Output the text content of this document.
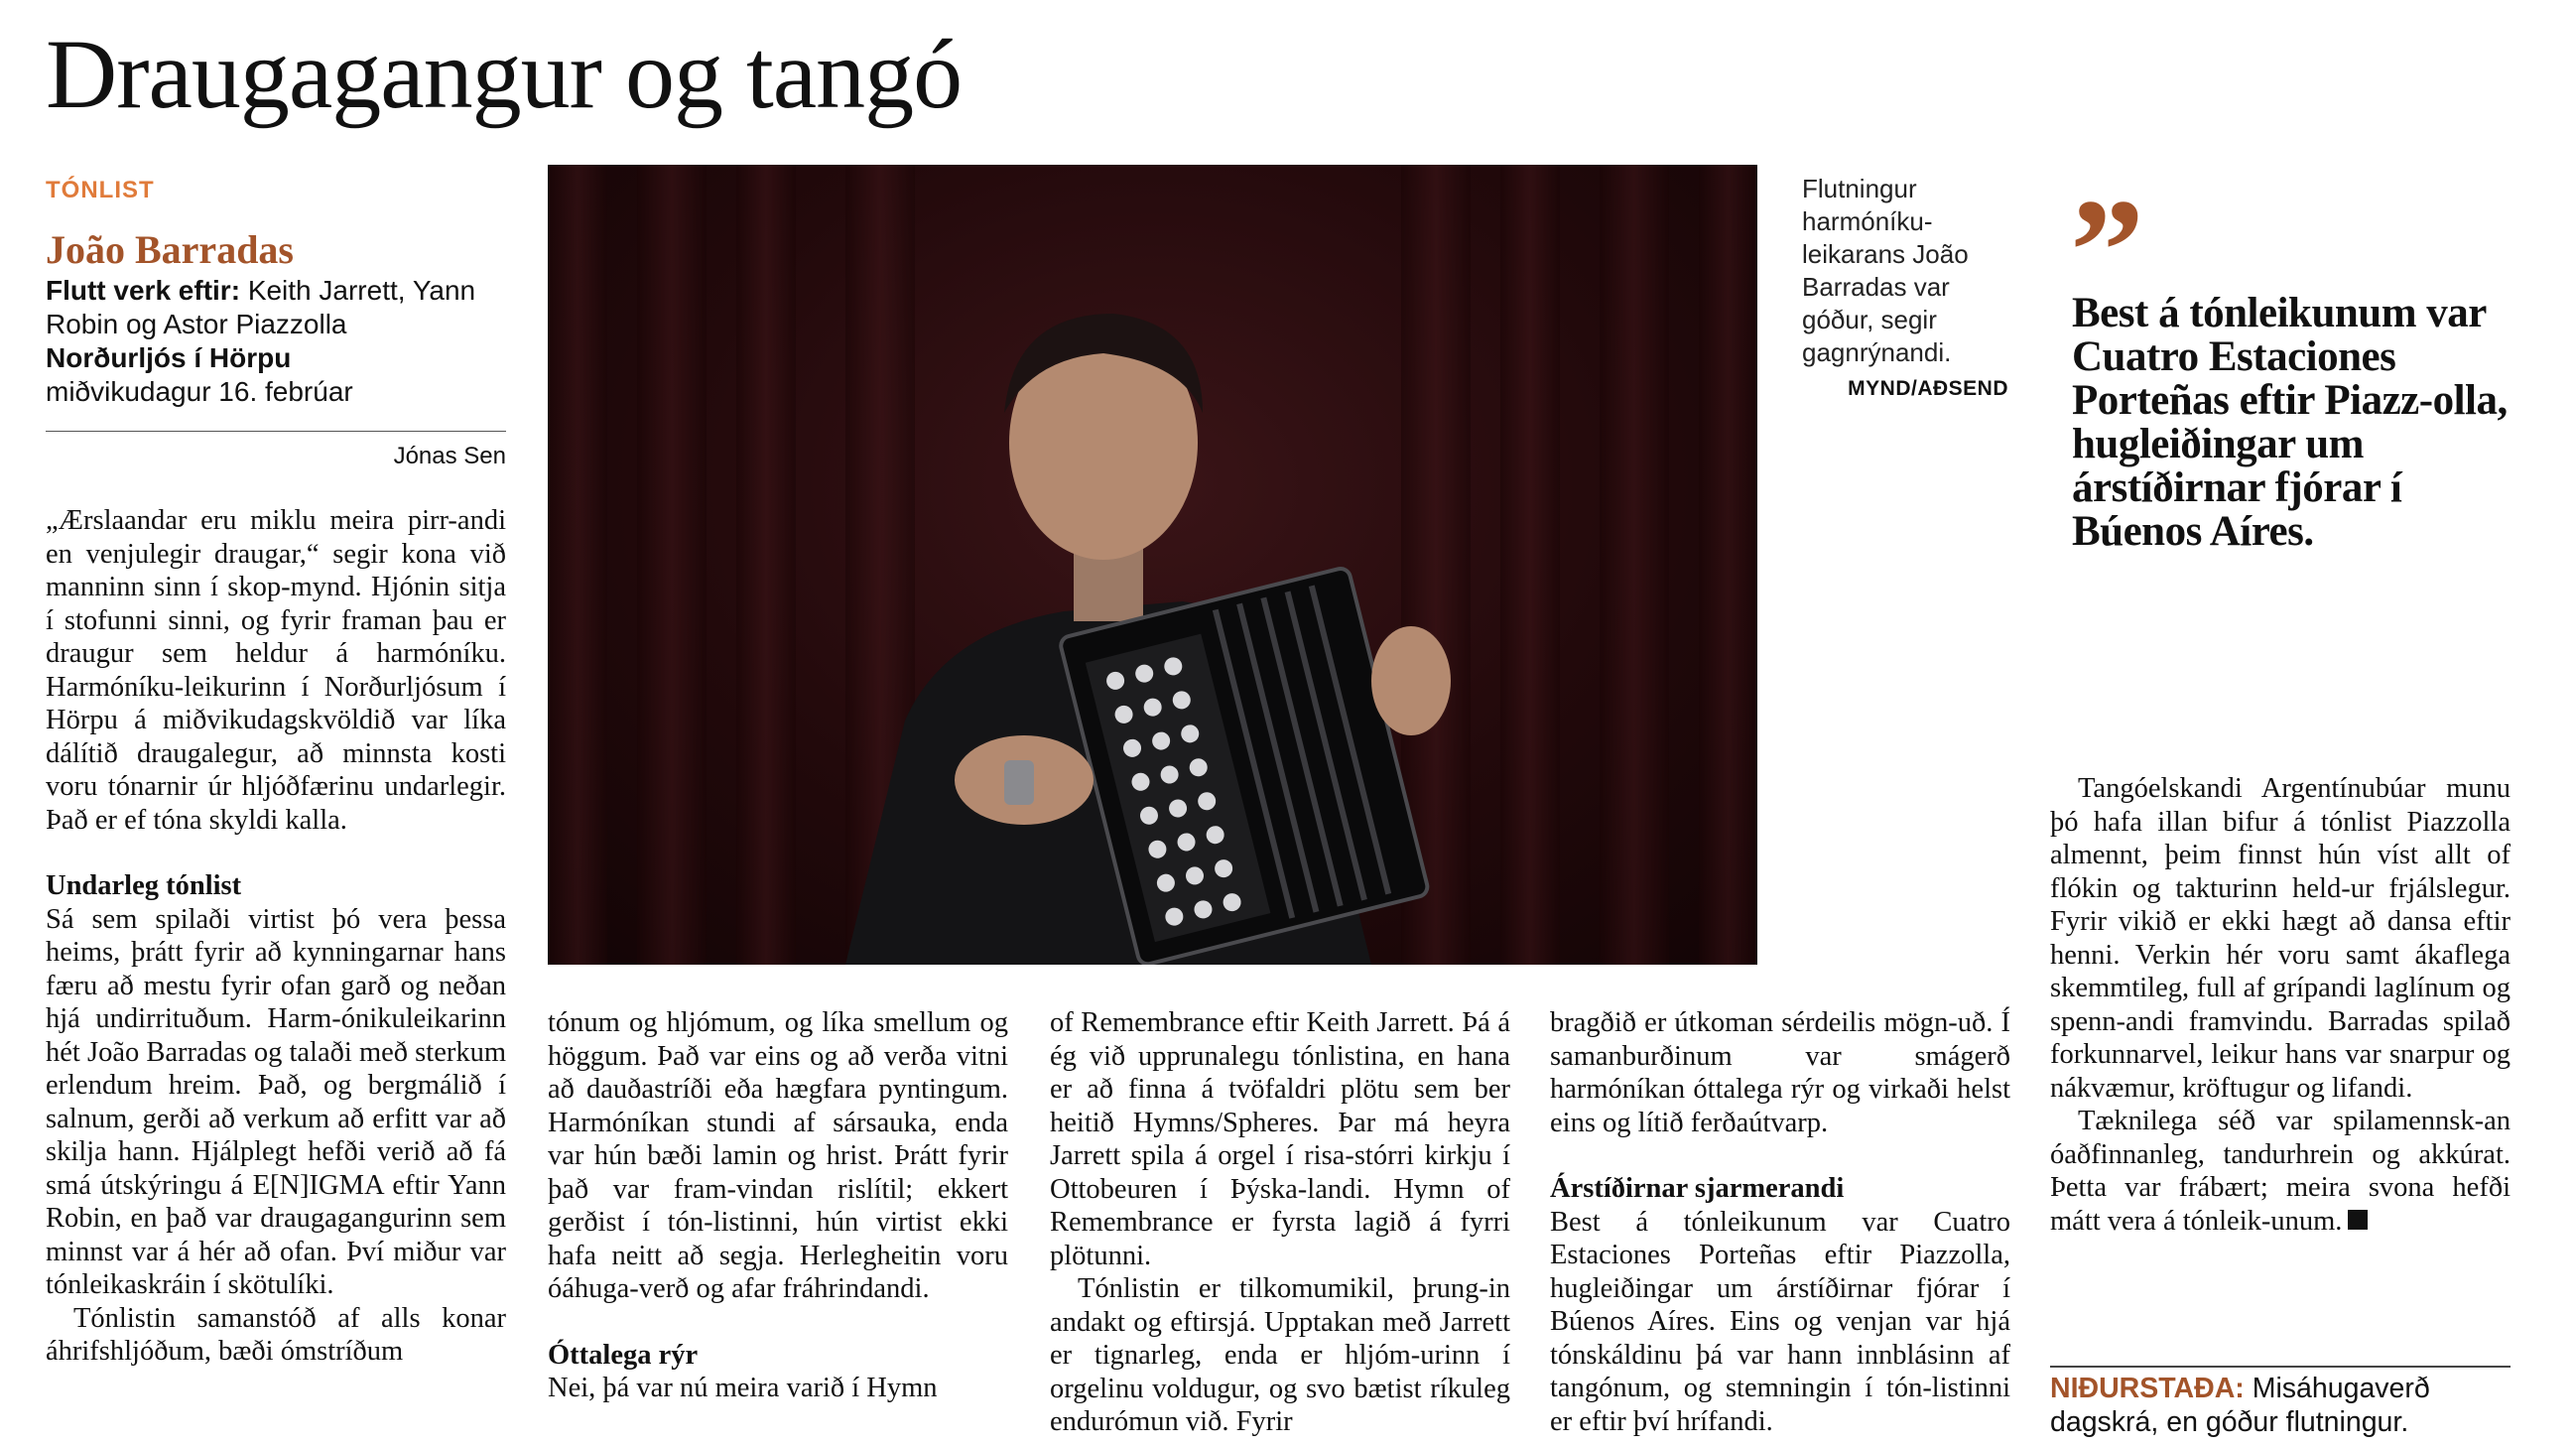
Draugagangur og tangó
TÓNLIST
João Barradas
Flutt verk eftir: Keith Jarrett, Yann Robin og Astor Piazzolla
Norðurljós í Hörpu
miðvikudagur 16. febrúar
Jónas Sen

„Ærslaandar eru miklu meira pirr-andi en venjulegir draugar,“ segir kona við manninn sinn í skop-mynd. Hjónin sitja í stofunni sinni, og fyrir framan þau er draugur sem heldur á harmóníku. Harmóníku-leikurinn í Norðurljósum í Hörpu á miðvikudagskvöldið var líka dálítið draugalegur, að minnsta kosti voru tónarnir úr hljóðfærinu undarlegir. Það er ef tóna skyldi kalla.

Undarleg tónlist

Sá sem spilaði virtist þó vera þessa heims, þrátt fyrir að kynningarnar hans færu að mestu fyrir ofan garð og neðan hjá undirrituðum. Harm-ónikuleikarinn hét João Barradas og talaði með sterkum erlendum hreim. Það, og bergmálið í salnum, gerði að verkum að erfitt var að skilja hann. Hjálplegt hefði verið að fá smá útskýringu á E[N]IGMA eftir Yann Robin, en það var draugagangurinn sem minnst var á hér að ofan. Því miður var tónleikaskráin í skötulíki.

Tónlistin samanstóð af alls konar áhrifshljóðum, bæði ómstríðum

Flutningur harmóníku-leikarans João Barradas var góður, segir gagnrýnandi.
MYND/AÐSEND
”
Best á tónleikunum var Cuatro Estaciones Porteñas eftir Piazz-olla, hugleiðingar um árstíðirnar fjórar í Búenos Aíres.

tónum og hljómum, og líka smellum og höggum. Það var eins og að verða vitni að dauðastríði eða hægfara pyntingum. Harmóníkan stundi af sársauka, enda var hún bæði lamin og hrist. Þrátt fyrir það var fram-vindan rislítil; ekkert gerðist í tón-listinni, hún virtist ekki hafa neitt að segja. Herlegheitin voru óáhuga-verð og afar fráhrindandi.

Óttalega rýr

Nei, þá var nú meira varið í Hymn

of Remembrance eftir Keith Jarrett. Þá á ég við upprunalegu tónlistina, en hana er að finna á tvöfaldri plötu sem ber heitið Hymns/Spheres. Þar má heyra Jarrett spila á orgel í risa-stórri kirkju í Ottobeuren í Þýska-landi. Hymn of Remembrance er fyrsta lagið á fyrri plötunni.

Tónlistin er tilkomumikil, þrung-in andakt og eftirsjá. Upptakan með Jarrett er tignarleg, enda er hljóm-urinn í orgelinu voldugur, og svo bætist ríkuleg endurómun við. Fyrir

bragðið er útkoman sérdeilis mögn-uð. Í samanburðinum var smágerð harmóníkan óttalega rýr og virkaði helst eins og lítið ferðaútvarp.

Árstíðirnar sjarmerandi

Best á tónleikunum var Cuatro Estaciones Porteñas eftir Piazzolla, hugleiðingar um árstíðirnar fjórar í Búenos Aíres. Eins og venjan var hjá tónskáldinu þá var hann innblásinn af tangónum, og stemningin í tón-listinni er eftir því hrífandi.

Tangóelskandi Argentínubúar munu þó hafa illan bifur á tónlist Piazzolla almennt, þeim finnst hún víst allt of flókin og takturinn held-ur frjálslegur. Fyrir vikið er ekki hægt að dansa eftir henni. Verkin hér voru samt ákaflega skemmtileg, full af grípandi laglínum og spenn-andi framvindu. Barradas spilað forkunnarvel, leikur hans var snarpur og nákvæmur, kröftugur og lifandi.

Tæknilega séð var spilamennsk-an óaðfinnanleg, tandurhrein og akkúrat. Þetta var frábært; meira svona hefði mátt vera á tónleik-unum.

NIÐURSTAÐA: Misáhugaverð dagskrá, en góður flutningur.
